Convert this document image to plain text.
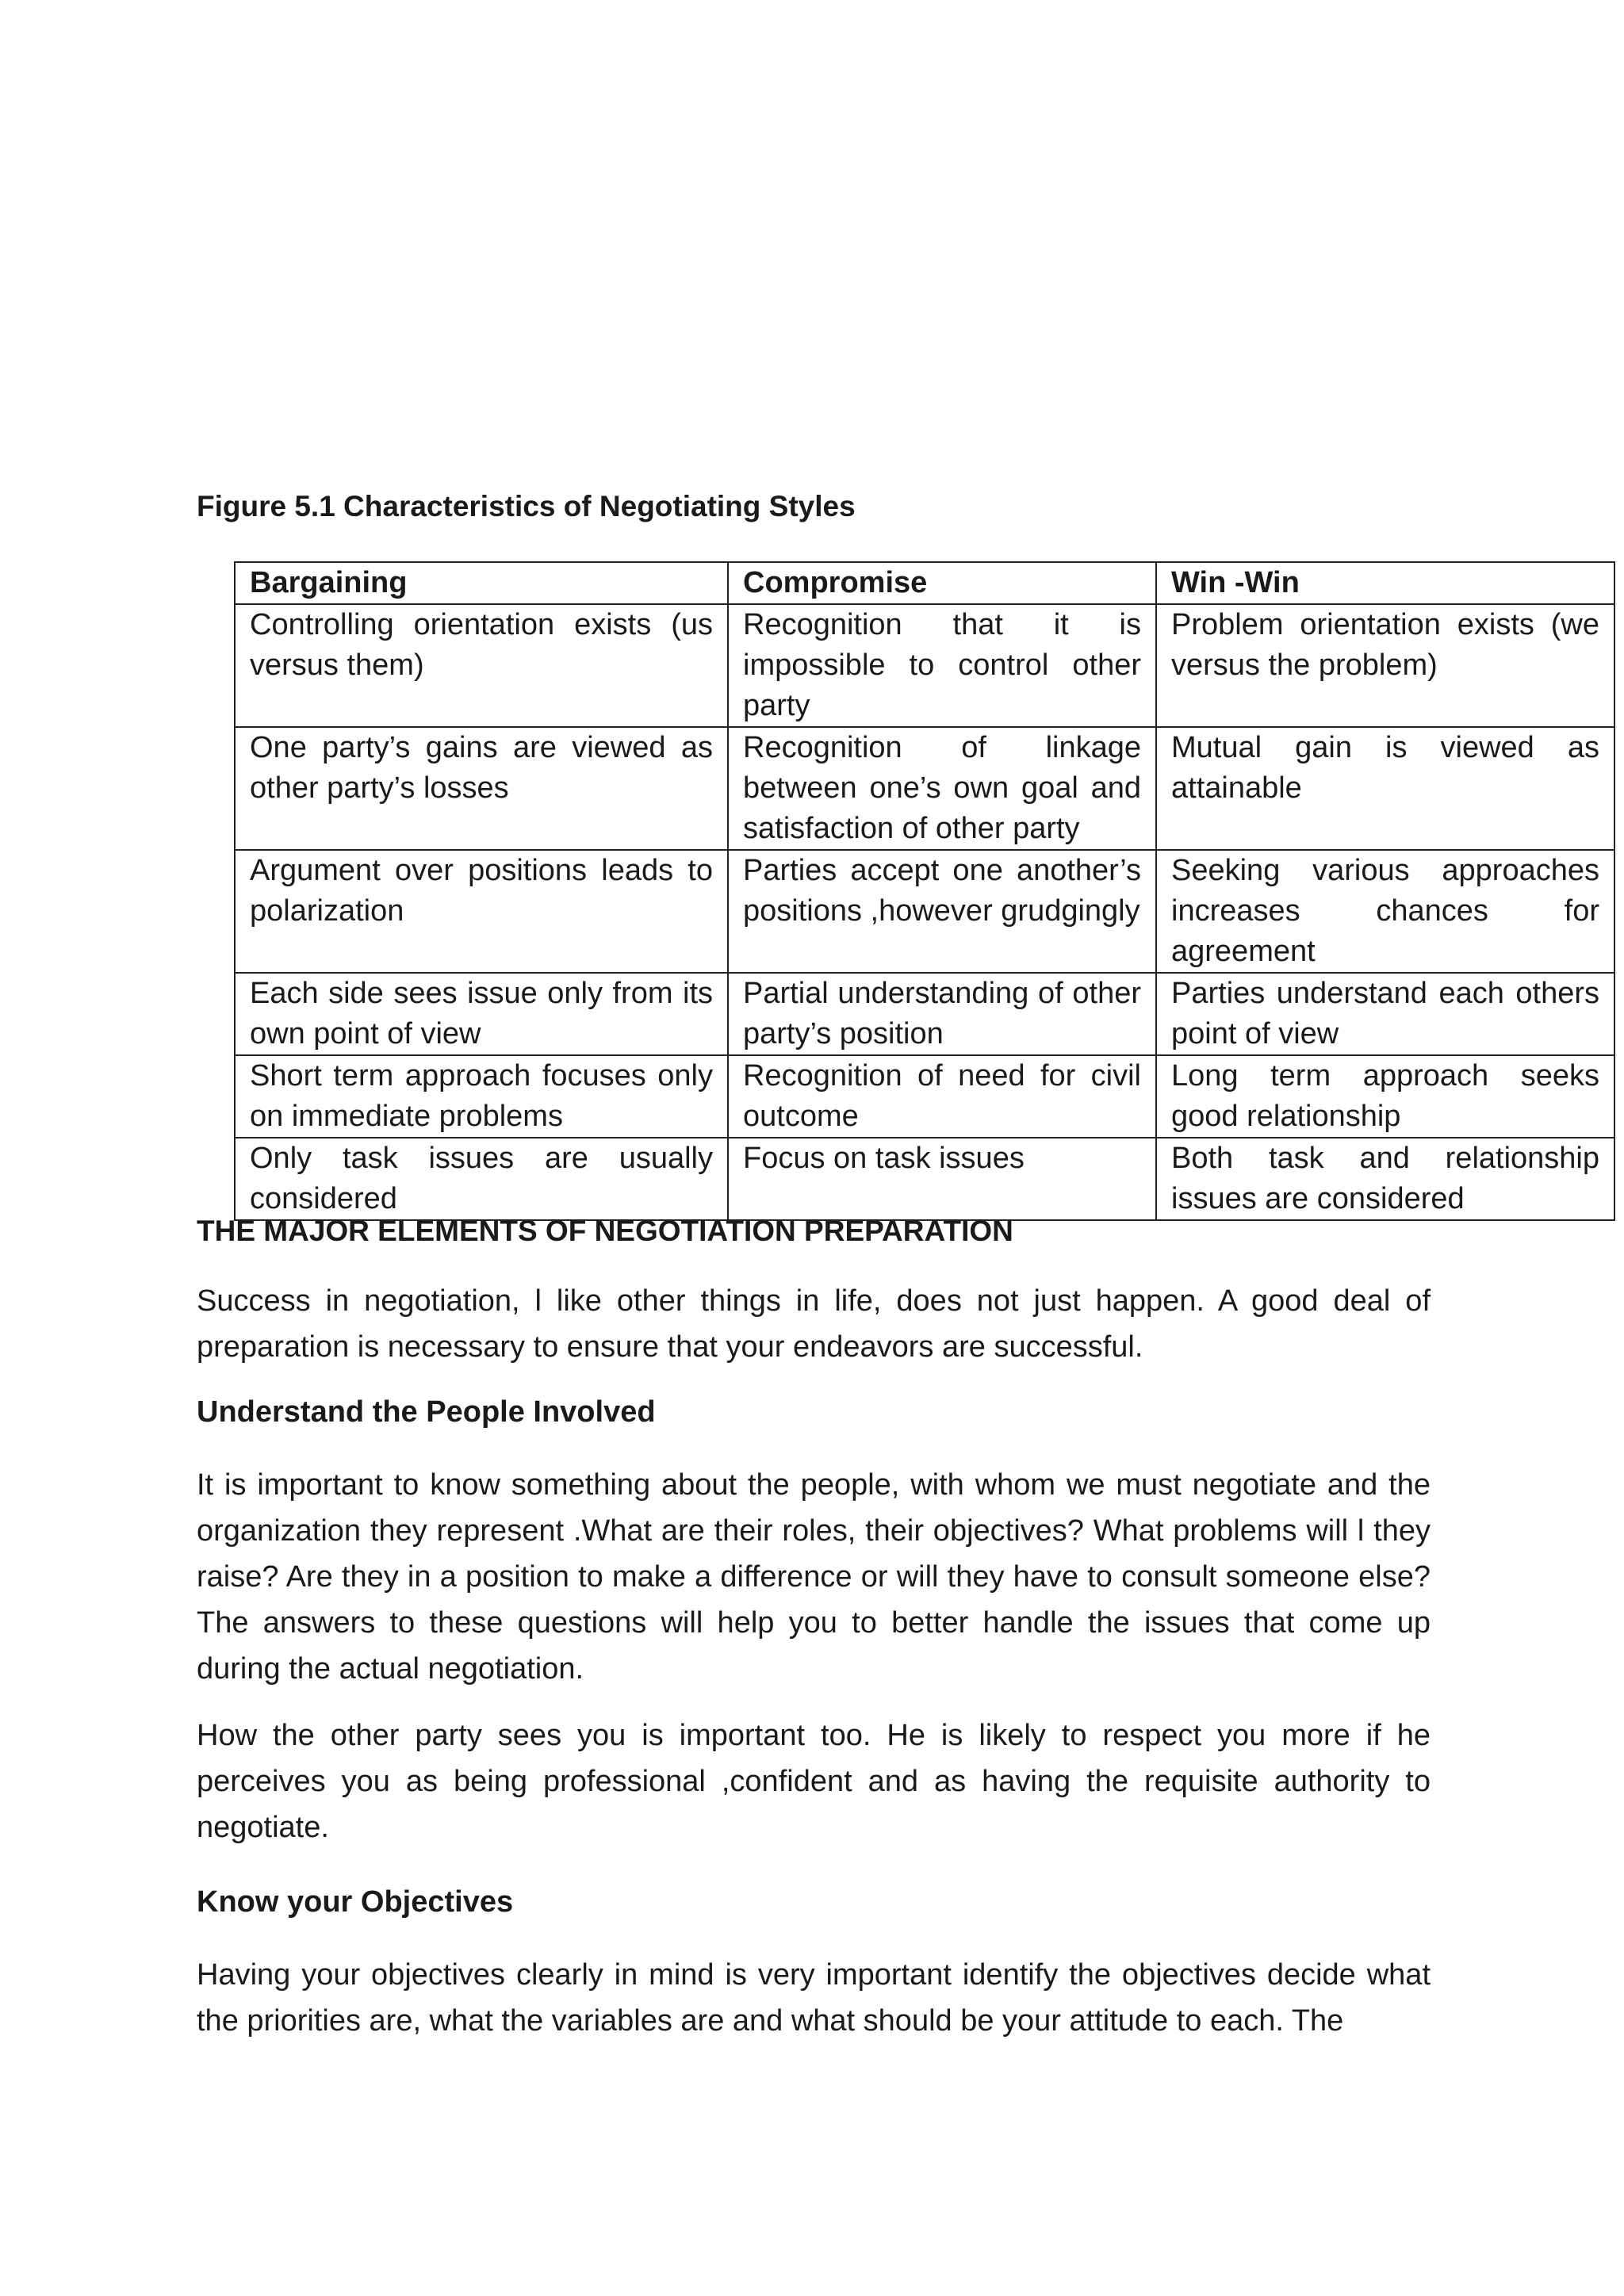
Figure 5.1 Characteristics of Negotiating Styles

Bargaining	Compromise	Win -Win
Controlling orientation exists (us versus them)	Recognition that it is impossible to control other party	Problem orientation exists (we versus the problem)
One party’s gains are viewed as other party’s losses	Recognition of linkage between one’s own goal and satisfaction of other party	Mutual gain is viewed as attainable
Argument over positions leads to polarization	Parties accept one another’s positions ,however grudgingly	Seeking various approaches increases chances for agreement
Each side sees issue only from its own point of view	Partial understanding of other party’s position	Parties understand each others point of view
Short term approach focuses only on immediate problems	Recognition of need for civil outcome	Long term approach seeks good relationship
Only task issues are usually considered	Focus on task issues	Both task and relationship issues are considered

THE MAJOR ELEMENTS OF NEGOTIATION PREPARATION

Success in negotiation, l like other things in life, does not just happen. A good deal of preparation is necessary to ensure that your endeavors are successful.

Understand the People Involved

It is important to know something about the people, with whom we must negotiate and the organization they represent .What are their roles, their objectives? What problems will l they raise? Are they in a position to make a difference or will they have to consult someone else? The answers to these questions will help you to better handle the issues that come up during the actual negotiation.

How the other party sees you is important too. He is likely to respect you more if he perceives you as being professional ,confident and as having the requisite authority to negotiate.

Know your Objectives

Having your objectives clearly in mind is very important identify the objectives decide what the priorities are, what the variables are and what should be your attitude to each. The
